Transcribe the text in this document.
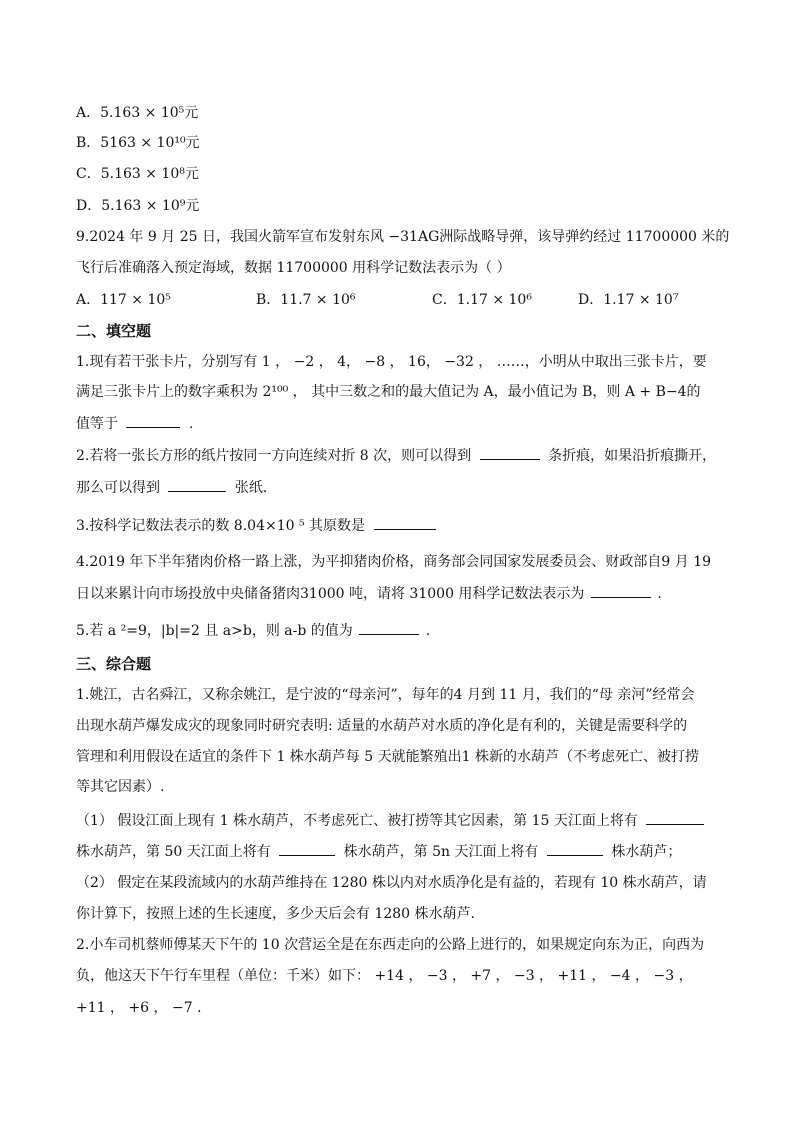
A．5.163 × 10⁵元
B．5163 × 10¹⁰元
C．5.163 × 10⁸元
D．5.163 × 10⁹元
9.2024 年 9 月 25 日，我国火箭军宣布发射东风 −31AG洲际战略导弹，该导弹约经过 11700000 米的
飞行后准确落入预定海域，数据 11700000 用科学记数法表示为（ ）
A．117 × 10⁵	B．11.7 × 10⁶	C．1.17 × 10⁶	D．1.17 × 10⁷
二、填空题
1.现有若干张卡片，分别写有 1 ， −2 ， 4， −8 ， 16， −32 ， ……，小明从中取出三张卡片，要
满足三张卡片上的数字乘积为 2¹⁰⁰ ， 其中三数之和的最大值记为 A，最小值记为 B，则 A + B−4的
值等于	.
2.若将一张长方形的纸片按同一方向连续对折 8 次，则可以得到	条折痕，如果沿折痕撕开，
那么可以得到	张纸．
3.按科学记数法表示的数 8.04×10 ⁵ 其原数是
4.2019 年下半年猪肉价格一路上涨，为平抑猪肉价格，商务部会同国家发展委员会、财政部自9 月 19
日以来累计向市场投放中央储备猪肉31000 吨，请将 31000 用科学记数法表示为	.
5.若 a ²=9，|b|=2 且 a>b，则 a-b 的值为	.
三、综合题
1.姚江，古名舜江，又称余姚江，是宁波的“母亲河”，每年的4 月到 11 月，我们的“母 亲河”经常会
出现水葫芦爆发成灾的现象同时研究表明: 适量的水葫芦对水质的净化是有利的，关键是需要科学的
管理和利用假设在适宜的条件下 1 株水葫芦每 5 天就能繁殖出1 株新的水葫芦（不考虑死亡、被打捞
等其它因素）.
（1） 假设江面上现有 1 株水葫芦，不考虑死亡、被打捞等其它因素，第 15 天江面上将有
株水葫芦，第 50 天江面上将有	株水葫芦，第 5n 天江面上将有	株水葫芦；
（2） 假定在某段流域内的水葫芦维持在 1280 株以内对水质净化是有益的，若现有 10 株水葫芦，请
你计算下，按照上述的生长速度，多少天后会有 1280 株水葫芦.
2.小车司机蔡师傅某天下午的 10 次营运全是在东西走向的公路上进行的，如果规定向东为正，向西为
负，他这天下午行车里程（单位：千米）如下： +14 ， −3 ， +7 ， −3 ， +11 ， −4 ， −3 ，
+11 ， +6 ， −7 ．
